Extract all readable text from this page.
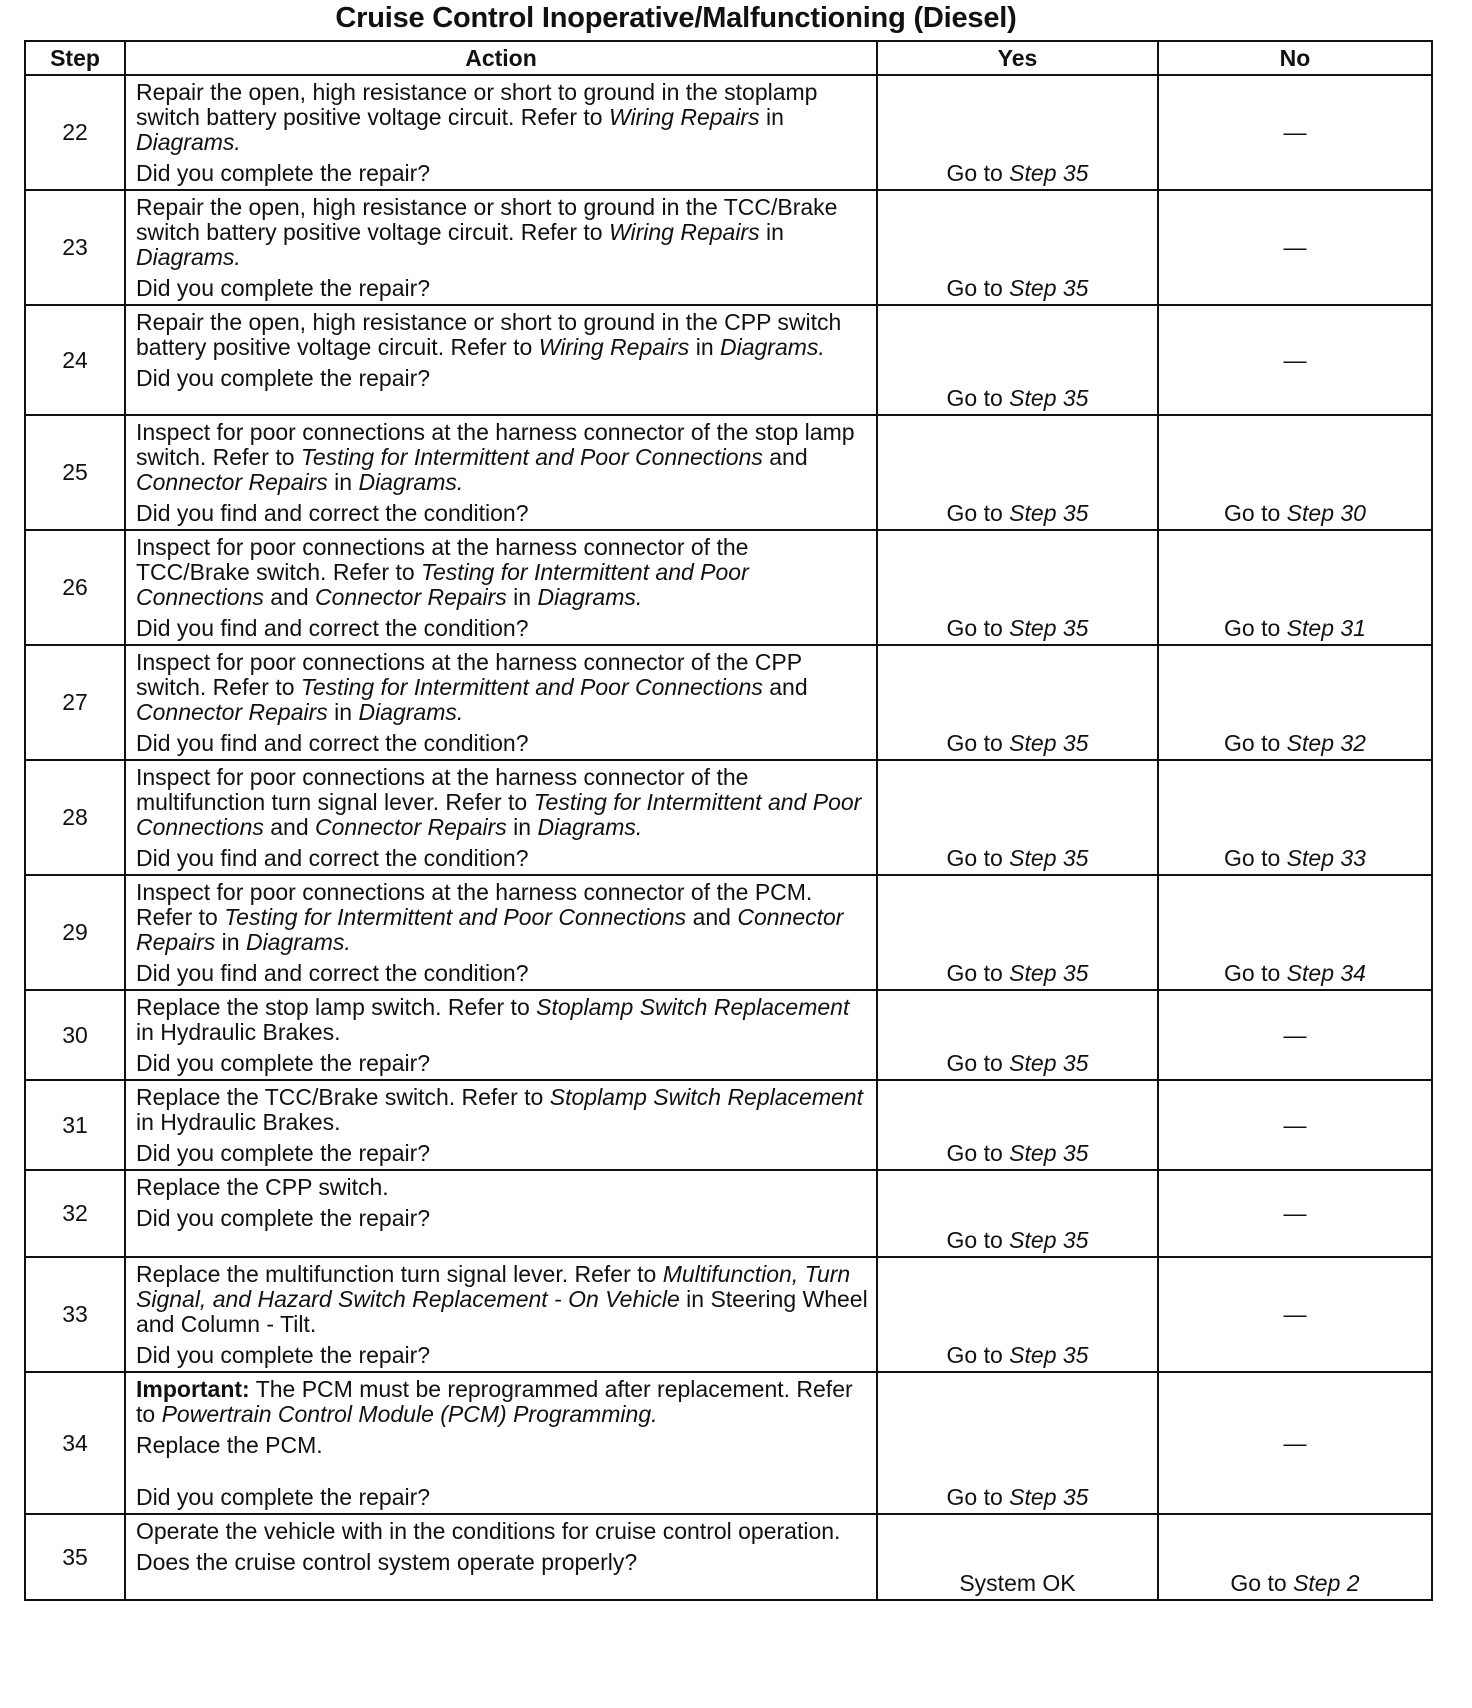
Cruise Control Inoperative/Malfunctioning (Diesel)
Step	Action	Yes	No
22	Repair the open, high resistance or short to ground in the stoplamp switch battery positive voltage circuit. Refer to Wiring Repairs in Diagrams.
Did you complete the repair?	Go to Step 35	—
23	Repair the open, high resistance or short to ground in the TCC/Brake switch battery positive voltage circuit. Refer to Wiring Repairs in Diagrams.
Did you complete the repair?	Go to Step 35	—
24	Repair the open, high resistance or short to ground in the CPP switch battery positive voltage circuit. Refer to Wiring Repairs in Diagrams.
Did you complete the repair?	Go to Step 35	—
25	Inspect for poor connections at the harness connector of the stop lamp switch. Refer to Testing for Intermittent and Poor Connections and Connector Repairs in Diagrams.
Did you find and correct the condition?	Go to Step 35	Go to Step 30
26	Inspect for poor connections at the harness connector of the TCC/Brake switch. Refer to Testing for Intermittent and Poor Connections and Connector Repairs in Diagrams.
Did you find and correct the condition?	Go to Step 35	Go to Step 31
27	Inspect for poor connections at the harness connector of the CPP switch. Refer to Testing for Intermittent and Poor Connections and Connector Repairs in Diagrams.
Did you find and correct the condition?	Go to Step 35	Go to Step 32
28	Inspect for poor connections at the harness connector of the multifunction turn signal lever. Refer to Testing for Intermittent and Poor Connections and Connector Repairs in Diagrams.
Did you find and correct the condition?	Go to Step 35	Go to Step 33
29	Inspect for poor connections at the harness connector of the PCM. Refer to Testing for Intermittent and Poor Connections and Connector Repairs in Diagrams.
Did you find and correct the condition?	Go to Step 35	Go to Step 34
30	Replace the stop lamp switch. Refer to Stoplamp Switch Replacement in Hydraulic Brakes.
Did you complete the repair?	Go to Step 35	—
31	Replace the TCC/Brake switch. Refer to Stoplamp Switch Replacement in Hydraulic Brakes.
Did you complete the repair?	Go to Step 35	—
32	Replace the CPP switch.
Did you complete the repair?	Go to Step 35	—
33	Replace the multifunction turn signal lever. Refer to Multifunction, Turn Signal, and Hazard Switch Replacement - On Vehicle in Steering Wheel and Column - Tilt.
Did you complete the repair?	Go to Step 35	—
34	Important: The PCM must be reprogrammed after replacement. Refer to Powertrain Control Module (PCM) Programming.
Replace the PCM.
Did you complete the repair?	Go to Step 35	—
35	Operate the vehicle with in the conditions for cruise control operation.
Does the cruise control system operate properly?	System OK	Go to Step 2
